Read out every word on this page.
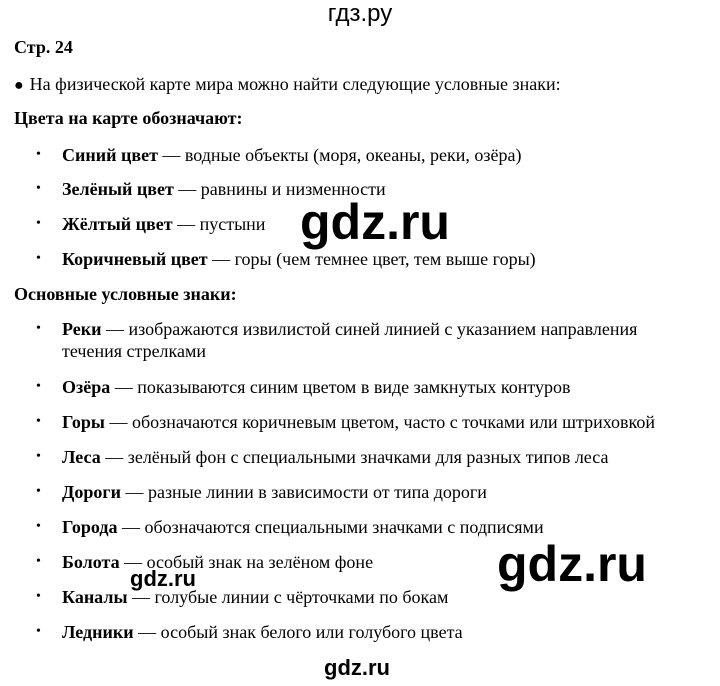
гдз.ру
Стр. 24
● На физической карте мира можно найти следующие условные знаки:
Цвета на карте обозначают:
• Синий цвет — водные объекты (моря, океаны, реки, озёра)
• Зелёный цвет — равнины и низменности
• Жёлтый цвет — пустыни
• Коричневый цвет — горы (чем темнее цвет, тем выше горы)
Основные условные знаки:
• Реки — изображаются извилистой синей линией с указанием направления течения стрелками
• Озёра — показываются синим цветом в виде замкнутых контуров
• Горы — обозначаются коричневым цветом, часто с точками или штриховкой
• Леса — зелёный фон с специальными значками для разных типов леса
• Дороги — разные линии в зависимости от типа дороги
• Города — обозначаются специальными значками с подписями
• Болота — особый знак на зелёном фоне
• Каналы — голубые линии с чёрточками по бокам
• Ледники — особый знак белого или голубого цвета
gdz.ru
gdz.ru
gdz.ru
gdz.ru
